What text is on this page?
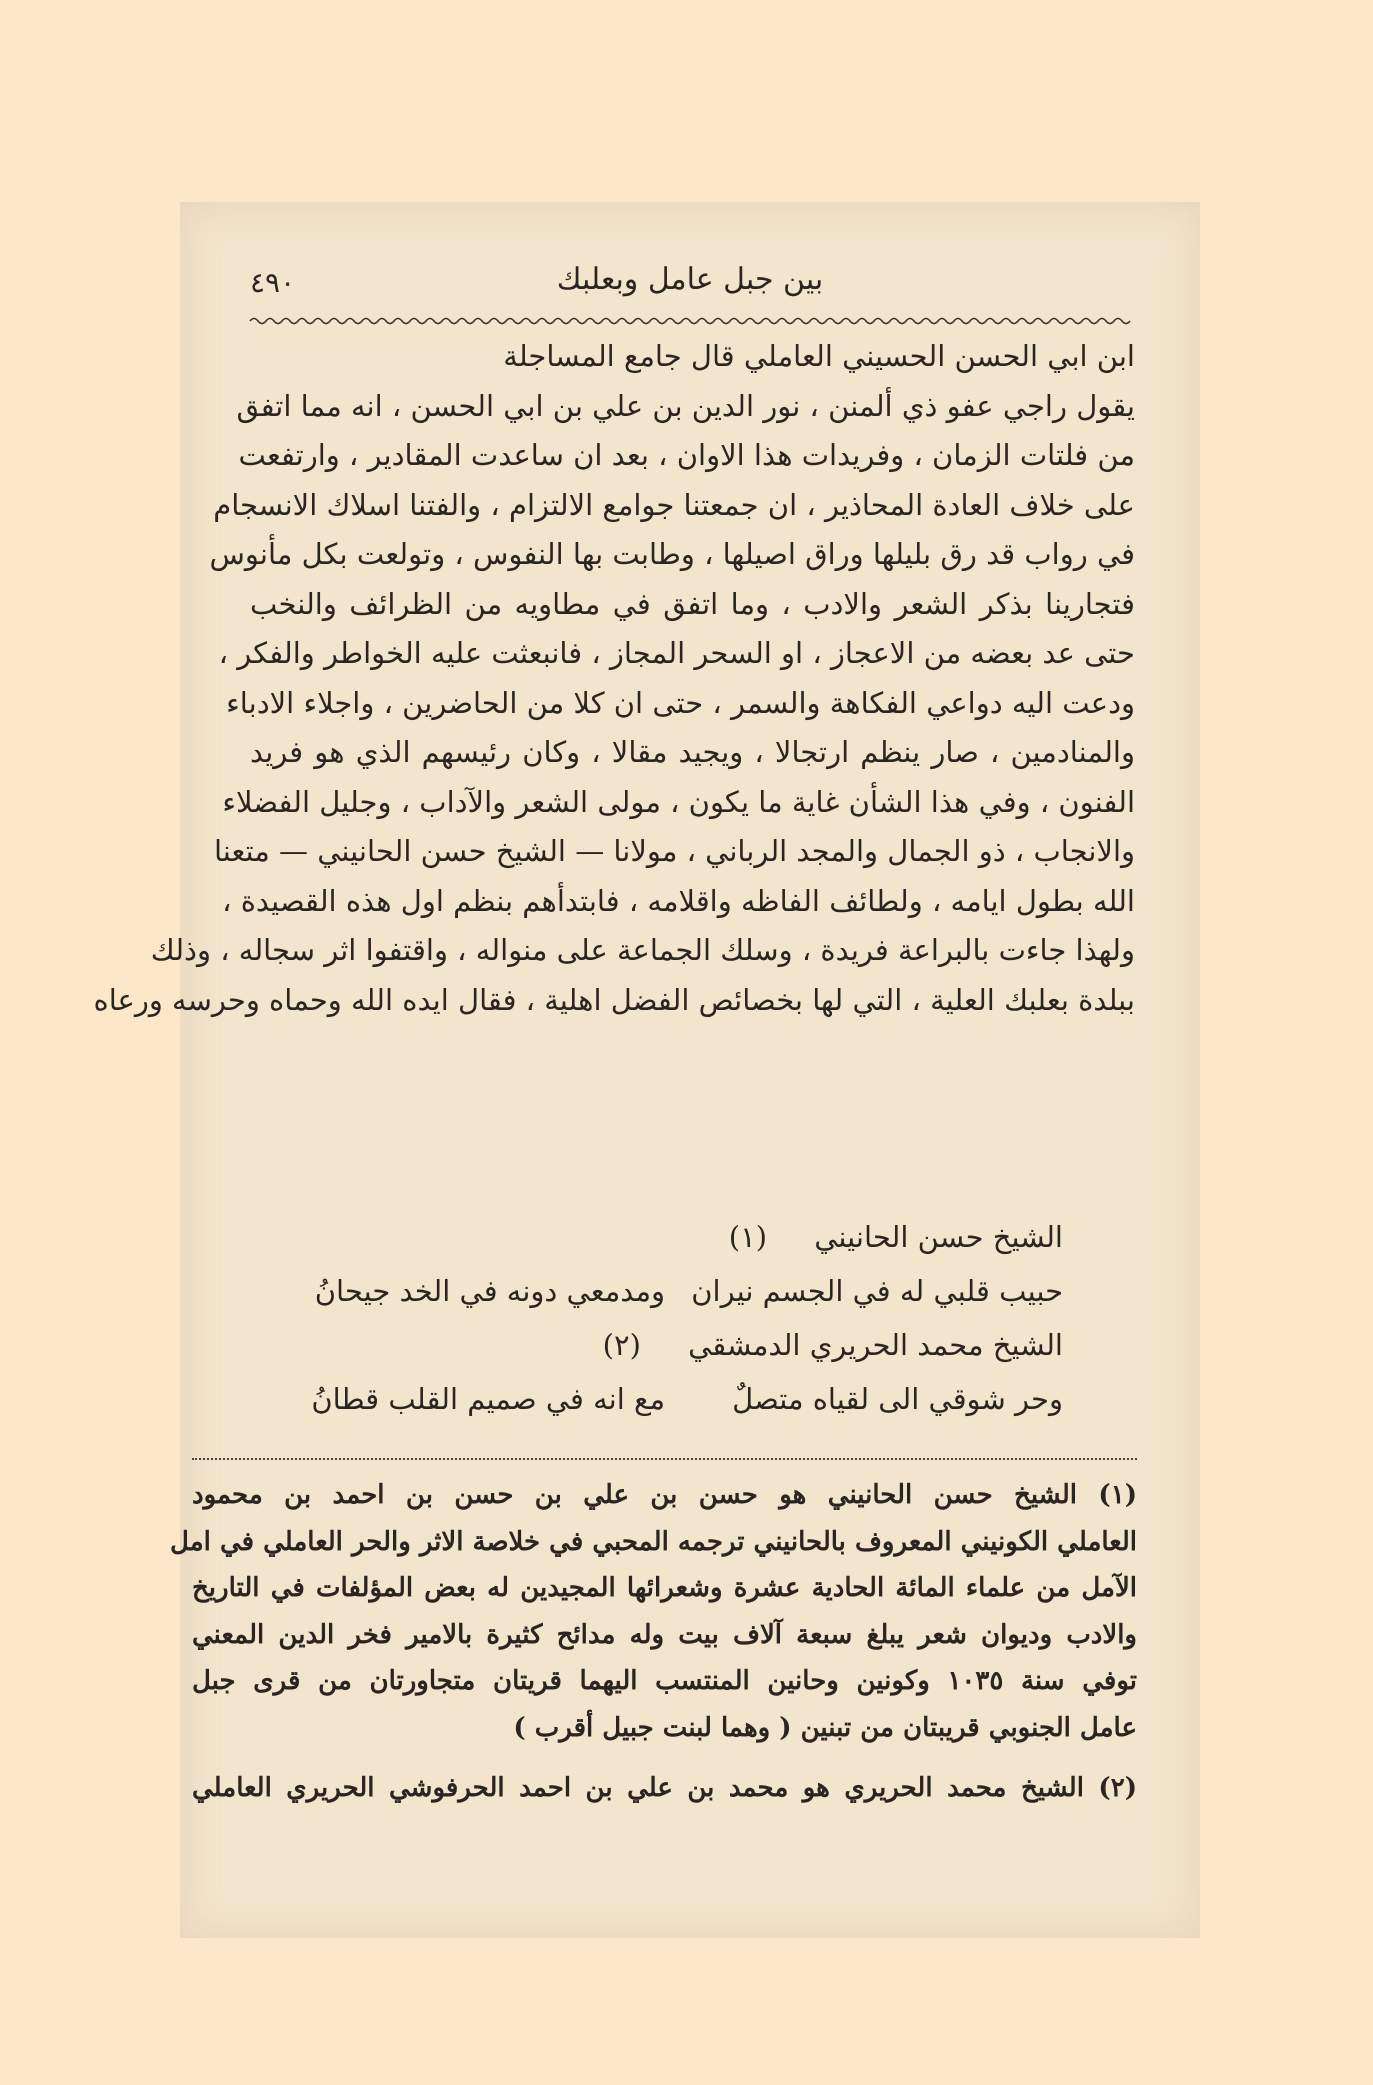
بين جبل عامل وبعلبك
٤٩٠
ابن ابي الحسن الحسيني العاملي قال جامع المساجلة
يقول راجي عفو ذي ألمنن ، نور الدين بن علي بن ابي الحسن ، انه مما اتفق
من فلتات الزمان ، وفريدات هذا الاوان ، بعد ان ساعدت المقادير ، وارتفعت
على خلاف العادة المحاذير ، ان جمعتنا جوامع الالتزام ، والفتنا اسلاك الانسجام
في رواب قد رق بليلها وراق اصيلها ، وطابت بها النفوس ، وتولعت بكل مأنوس
فتجارينا بذكر الشعر والادب ، وما اتفق في مطاويه من الظرائف والنخب
حتى عد بعضه من الاعجاز ، او السحر المجاز ، فانبعثت عليه الخواطر والفكر ،
ودعت اليه دواعي الفكاهة والسمر ، حتى ان كلا من الحاضرين ، واجلاء الادباء
والمنادمين ، صار ينظم ارتجالا ، ويجيد مقالا ، وكان رئيسهم الذي هو فريد
الفنون ، وفي هذا الشأن غاية ما يكون ، مولى الشعر والآداب ، وجليل الفضلاء
والانجاب ، ذو الجمال والمجد الرباني ، مولانا — الشيخ حسن الحانيني — متعنا
الله بطول ايامه ، ولطائف الفاظه واقلامه ، فابتدأهم بنظم اول هذه القصيدة ،
ولهذا جاءت بالبراعة فريدة ، وسلك الجماعة على منواله ، واقتفوا اثر سجاله ، وذلك
ببلدة بعلبك العلية ، التي لها بخصائص الفضل اهلية ، فقال ايده الله وحماه وحرسه ورعاه
الشيخ حسن الحانيني (١)
حبيب قلبي له في الجسم نيران
ومدمعي دونه في الخد جيحانُ
الشيخ محمد الحريري الدمشقي (٢)
وحر شوقي الى لقياه متصلٌ
مع انه في صميم القلب قطانُ
(١) الشيخ حسن الحانيني هو حسن بن علي بن حسن بن احمد بن محمود
العاملي الكونيني المعروف بالحانيني ترجمه المحبي في خلاصة الاثر والحر العاملي في امل
الآمل من علماء المائة الحادية عشرة وشعرائها المجيدين له بعض المؤلفات في التاريخ
والادب وديوان شعر يبلغ سبعة آلاف بيت وله مدائح كثيرة بالامير فخر الدين المعني
توفي سنة ١٠٣٥ وكونين وحانين المنتسب اليهما قريتان متجاورتان من قرى جبل
عامل الجنوبي قريبتان من تبنين ( وهما لبنت جبيل أقرب )
(٢) الشيخ محمد الحريري هو محمد بن علي بن احمد الحرفوشي الحريري العاملي
